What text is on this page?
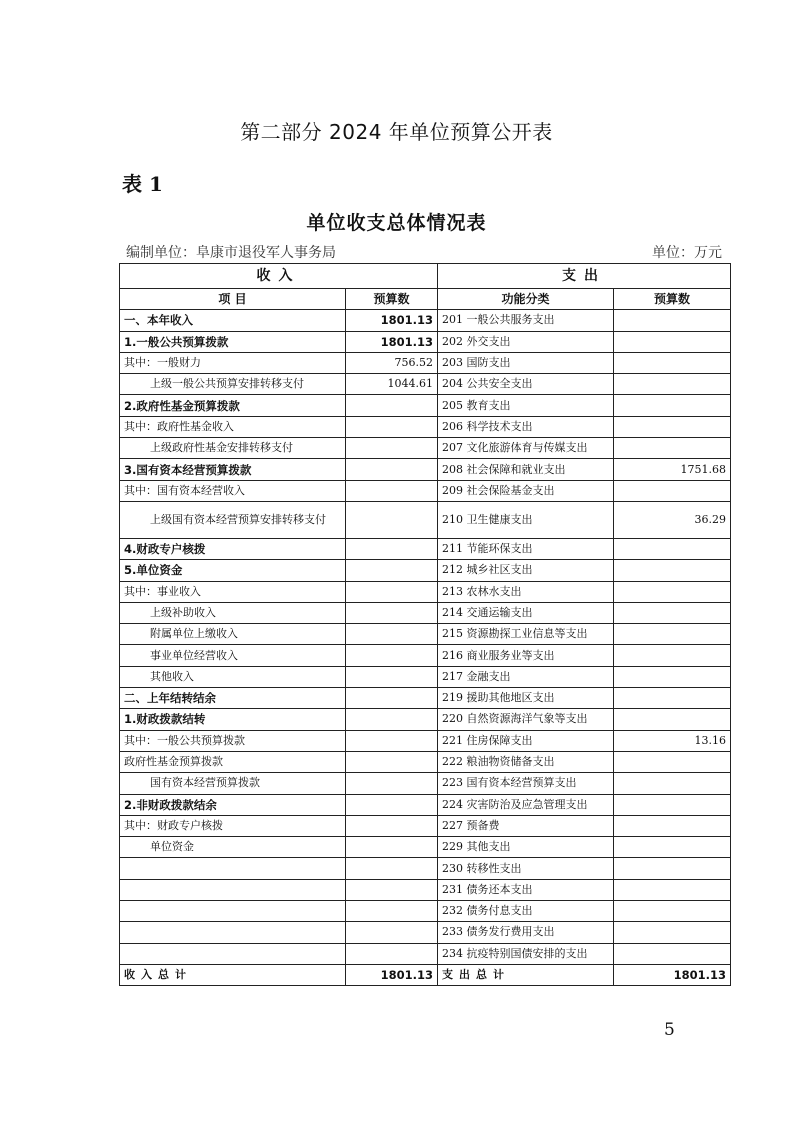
第二部分 2024 年单位预算公开表
表 1
单位收支总体情况表
编制单位：阜康市退役军人事务局	单位：万元
收入		支出	
项 目	预算数	功能分类	预算数
一、本年收入	1801.13	201 一般公共服务支出	
1.一般公共预算拨款	1801.13	202 外交支出	
其中：一般财力	756.52	203 国防支出	
上级一般公共预算安排转移支付	1044.61	204 公共安全支出	
2.政府性基金预算拨款		205 教育支出	
其中：政府性基金收入		206 科学技术支出	
上级政府性基金安排转移支付		207 文化旅游体育与传媒支出	
3.国有资本经营预算拨款		208 社会保障和就业支出	1751.68
其中：国有资本经营收入		209 社会保险基金支出	
上级国有资本经营预算安排转移支付		210 卫生健康支出	36.29
4.财政专户核拨		211 节能环保支出	
5.单位资金		212 城乡社区支出	
其中：事业收入		213 农林水支出	
上级补助收入		214 交通运输支出	
附属单位上缴收入		215 资源勘探工业信息等支出	
事业单位经营收入		216 商业服务业等支出	
其他收入		217 金融支出	
二、上年结转结余		219 援助其他地区支出	
1.财政拨款结转		220 自然资源海洋气象等支出	
其中：一般公共预算拨款		221 住房保障支出	13.16
政府性基金预算拨款		222 粮油物资储备支出	
国有资本经营预算拨款		223 国有资本经营预算支出	
2.非财政拨款结余		224 灾害防治及应急管理支出	
其中：财政专户核拨		227 预备费	
单位资金		229 其他支出	
		230 转移性支出	
		231 债务还本支出	
		232 债务付息支出	
		233 债务发行费用支出	
		234 抗疫特别国债安排的支出	
收入总计	1801.13	支出总计	1801.13
5
